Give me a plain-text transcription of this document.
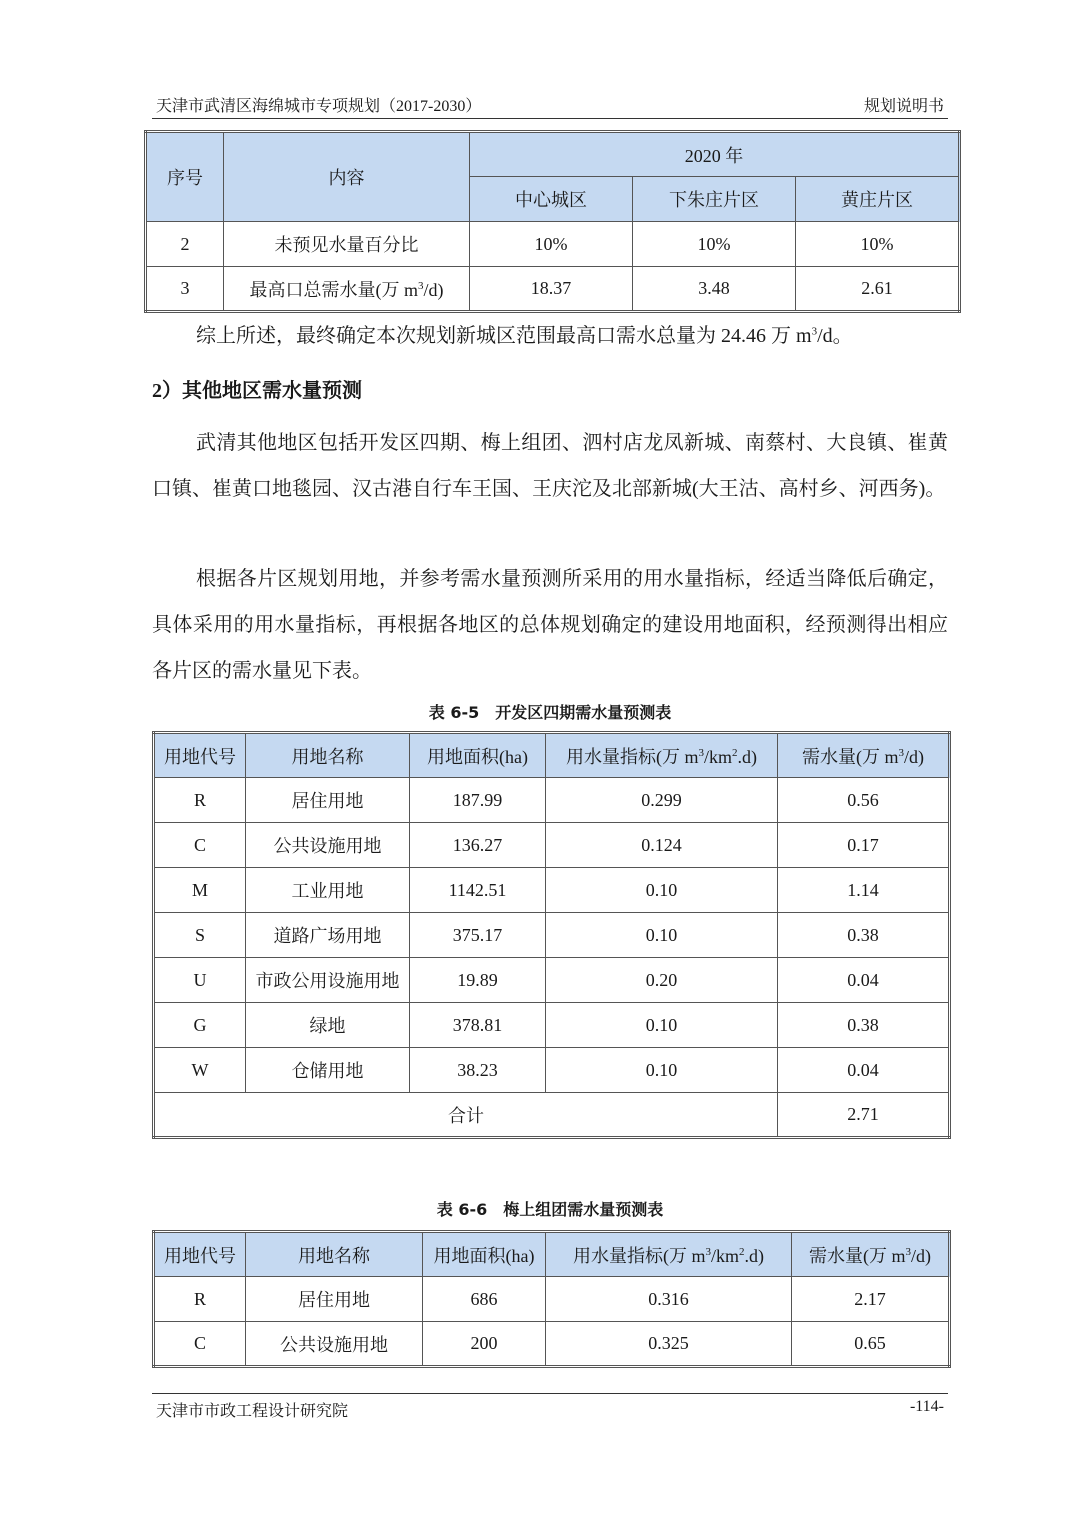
天津市武清区海绵城市专项规划（2017-2030）	规划说明书
序号	内容	2020 年		
		中心城区	下朱庄片区	黄庄片区
2	未预见水量百分比	10%	10%	10%
3	最高口总需水量(万 $m^3/d$)	18.37	3.48	2.61

综上所述，最终确定本次规划新城区范围最高口需水总量为 24.46 万 $m^3/d$。

2）其他地区需水量预测

武清其他地区包括开发区四期、梅上组团、泗村店龙凤新城、南蔡村、大良镇、崔黄口镇、崔黄口地毯园、汉古港自行车王国、王庆沱及北部新城(大王沽、高村乡、河西务)。

根据各片区规划用地，并参考需水量预测所采用的用水量指标，经适当降低后确定，具体采用的用水量指标，再根据各地区的总体规划确定的建设用地面积，经预测得出相应各片区的需水量见下表。

表 6-5　开发区四期需水量预测表
用地代号	用地名称	用地面积(ha)	用水量指标(万 $m^3/km^2.d$)	需水量(万 $m^3/d$)
R	居住用地	187.99	0.299	0.56
C	公共设施用地	136.27	0.124	0.17
M	工业用地	1142.51	0.10	1.14
S	道路广场用地	375.17	0.10	0.38
U	市政公用设施用地	19.89	0.20	0.04
G	绿地	378.81	0.10	0.38
W	仓储用地	38.23	0.10	0.04
合计				2.71
表 6-6　梅上组团需水量预测表
用地代号	用地名称	用地面积(ha)	用水量指标(万 $m^3/km^2.d$)	需水量(万 $m^3/d$)
R	居住用地	686	0.316	2.17
C	公共设施用地	200	0.325	0.65
天津市市政工程设计研究院	-114-
